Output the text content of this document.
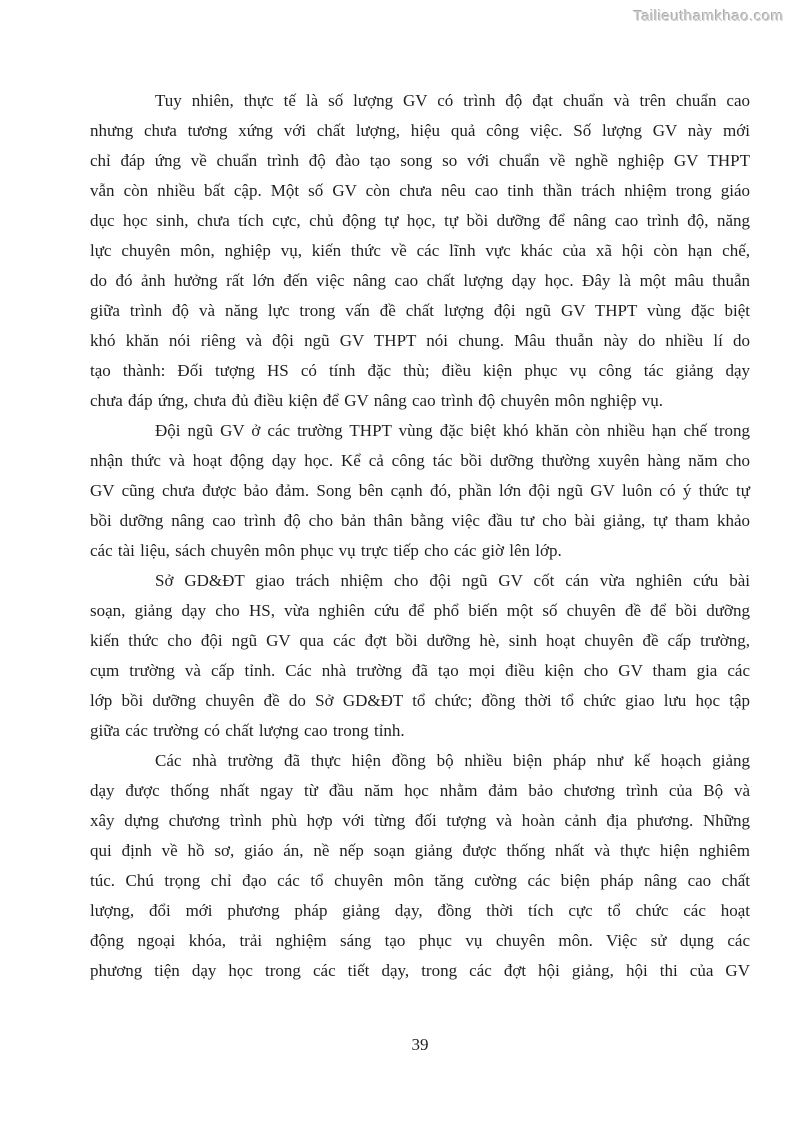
Tailieuthamkhao.com

Tuy nhiên, thực tế là số lượng GV có trình độ đạt chuẩn và trên chuẩn cao
nhưng chưa tương xứng với chất lượng, hiệu quả công việc. Số lượng GV này mới
chỉ đáp ứng về chuẩn trình độ đào tạo song so với chuẩn về nghề nghiệp GV THPT
vẫn còn nhiều bất cập. Một số GV còn chưa nêu cao tinh thần trách nhiệm trong giáo
dục học sinh, chưa tích cực, chủ động tự học, tự bồi dưỡng để nâng cao trình độ, năng
lực chuyên môn, nghiệp vụ, kiến thức về các lĩnh vực khác của xã hội còn hạn chế,
do đó ảnh hưởng rất lớn đến việc nâng cao chất lượng dạy học. Đây là một mâu thuẫn
giữa trình độ và năng lực trong vấn đề chất lượng đội ngũ GV THPT vùng đặc biệt
khó khăn nói riêng và đội ngũ GV THPT nói chung. Mâu thuẫn này do nhiều lí do
tạo thành: Đối tượng HS có tính đặc thù; điều kiện phục vụ công tác giảng dạy
chưa đáp ứng, chưa đủ điều kiện để GV nâng cao trình độ chuyên môn nghiệp vụ.

Đội ngũ GV ở các trường THPT vùng đặc biệt khó khăn còn nhiều hạn chế trong
nhận thức và hoạt động dạy học. Kể cả công tác bồi dưỡng thường xuyên hàng năm cho
GV cũng chưa được bảo đảm. Song bên cạnh đó, phần lớn đội ngũ GV luôn có ý thức tự
bồi dưỡng nâng cao trình độ cho bản thân bằng việc đầu tư cho bài giảng, tự tham khảo
các tài liệu, sách chuyên môn phục vụ trực tiếp cho các giờ lên lớp.

Sở GD&ĐT giao trách nhiệm cho đội ngũ GV cốt cán vừa nghiên cứu bài
soạn, giảng dạy cho HS, vừa nghiên cứu để phổ biến một số chuyên đề để bồi dưỡng
kiến thức cho đội ngũ GV qua các đợt bồi dưỡng hè, sinh hoạt chuyên đề cấp trường,
cụm trường và cấp tỉnh. Các nhà trường đã tạo mọi điều kiện cho GV tham gia các
lớp bồi dưỡng chuyên đề do Sở GD&ĐT tổ chức; đồng thời tổ chức giao lưu học tập
giữa các trường có chất lượng cao trong tỉnh.

Các nhà trường đã thực hiện đồng bộ nhiều biện pháp như kế hoạch giảng
dạy được thống nhất ngay từ đầu năm học nhằm đảm bảo chương trình của Bộ và
xây dựng chương trình phù hợp với từng đối tượng và hoàn cảnh địa phương. Những
qui định về hồ sơ, giáo án, nề nếp soạn giảng được thống nhất và thực hiện nghiêm
túc. Chú trọng chỉ đạo các tổ chuyên môn tăng cường các biện pháp nâng cao chất
lượng, đổi mới phương pháp giảng dạy, đồng thời tích cực tổ chức các hoạt
động ngoại khóa, trải nghiệm sáng tạo phục vụ chuyên môn. Việc sử dụng các
phương tiện dạy học trong các tiết dạy, trong các đợt hội giảng, hội thi của GV

39
